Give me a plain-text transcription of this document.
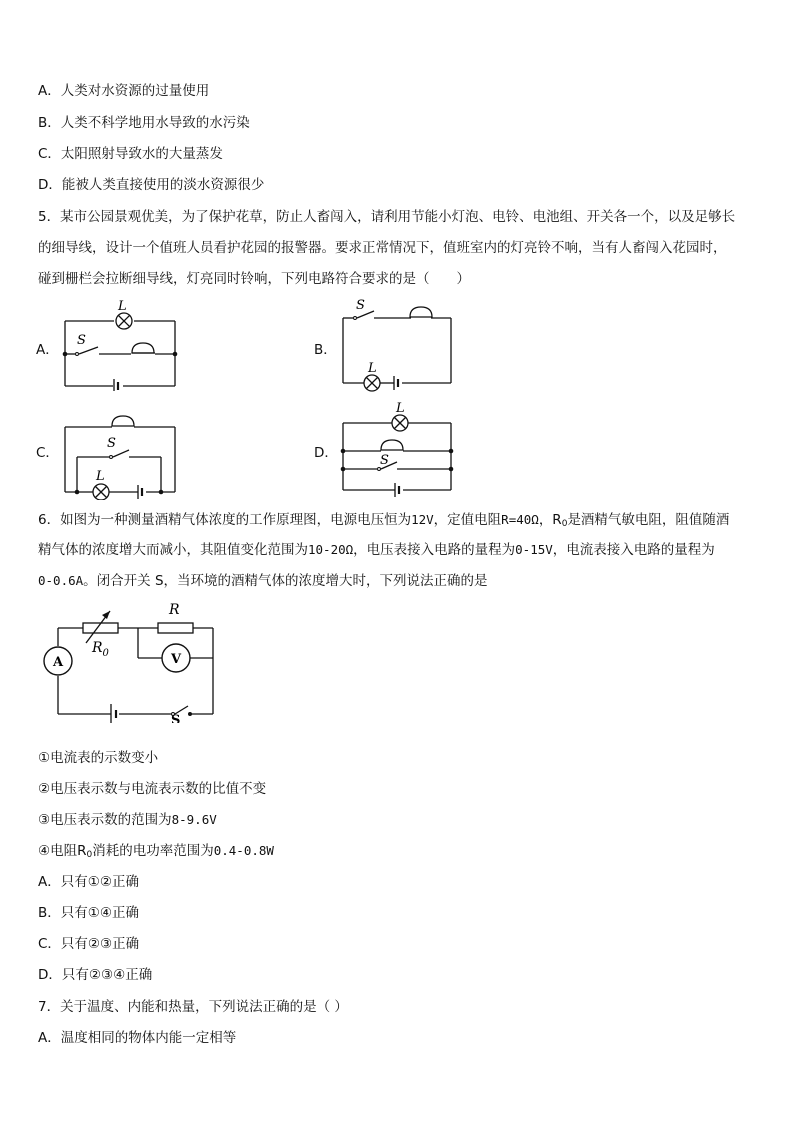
A．人类对水资源的过量使用
B．人类不科学地用水导致的水污染
C．太阳照射导致水的大量蒸发
D．能被人类直接使用的淡水资源很少
5．某市公园景观优美，为了保护花草，防止人畜闯入，请利用节能小灯泡、电铃、电池组、开关各一个，以及足够长
的细导线，设计一个值班人员看护花园的报警器。要求正常情况下，值班室内的灯亮铃不响，当有人畜闯入花园时，
碰到栅栏会拉断细导线，灯亮同时铃响，下列电路符合要求的是（　　）
A．	B．
C．	D．
L
S
S
L
S
L
L
S
6．如图为一种测量酒精气体浓度的工作原理图，电源电压恒为12V，定值电阻R=40Ω，$R_0$是酒精气敏电阻，阻值随酒
精气体的浓度增大而减小，其阻值变化范围为10-20Ω，电压表接入电路的量程为0-15V，电流表接入电路的量程为
0-0.6A。闭合开关 S，当环境的酒精气体的浓度增大时，下列说法正确的是
A	V
R
$R_0$
S
①电流表的示数变小
②电压表示数与电流表示数的比值不变
③电压表示数的范围为8-9.6V
④电阻$R_0$消耗的电功率范围为0.4-0.8W
A．只有①②正确
B．只有①④正确
C．只有②③正确
D．只有②③④正确
7．关于温度、内能和热量，下列说法正确的是（ ）
A．温度相同的物体内能一定相等
